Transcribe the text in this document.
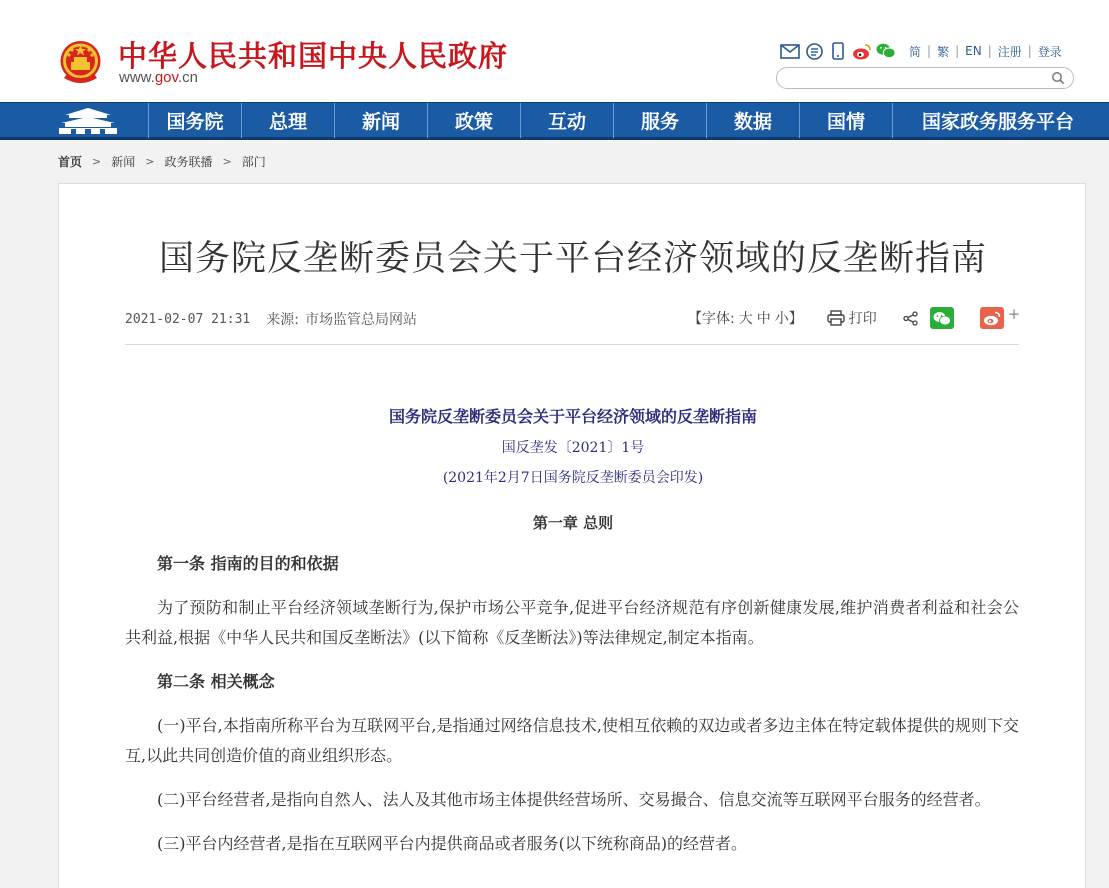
中华人民共和国中央人民政府
www.gov.cn
简 | 繁 | EN | 注册 | 登录
国务院	总理	新闻	政策	互动	服务	数据	国情	国家政务服务平台
首页 > 新闻 > 政务联播 > 部门
国务院反垄断委员会关于平台经济领域的反垄断指南
2021-02-07 21:31 来源: 市场监管总局网站	【字体: 大 中 小】	打印	+
国务院反垄断委员会关于平台经济领域的反垄断指南
国反垄发〔2021〕1号
(2021年2月7日国务院反垄断委员会印发)
第一章 总则

第一条 指南的目的和依据

为了预防和制止平台经济领域垄断行为,保护市场公平竞争,促进平台经济规范有序创新健康发展,维护消费者利益和社会公共利益,根据《中华人民共和国反垄断法》(以下简称《反垄断法》)等法律规定,制定本指南。

第二条 相关概念

(一)平台,本指南所称平台为互联网平台,是指通过网络信息技术,使相互依赖的双边或者多边主体在特定载体提供的规则下交互,以此共同创造价值的商业组织形态。

(二)平台经营者,是指向自然人、法人及其他市场主体提供经营场所、交易撮合、信息交流等互联网平台服务的经营者。

(三)平台内经营者,是指在互联网平台内提供商品或者服务(以下统称商品)的经营者。
